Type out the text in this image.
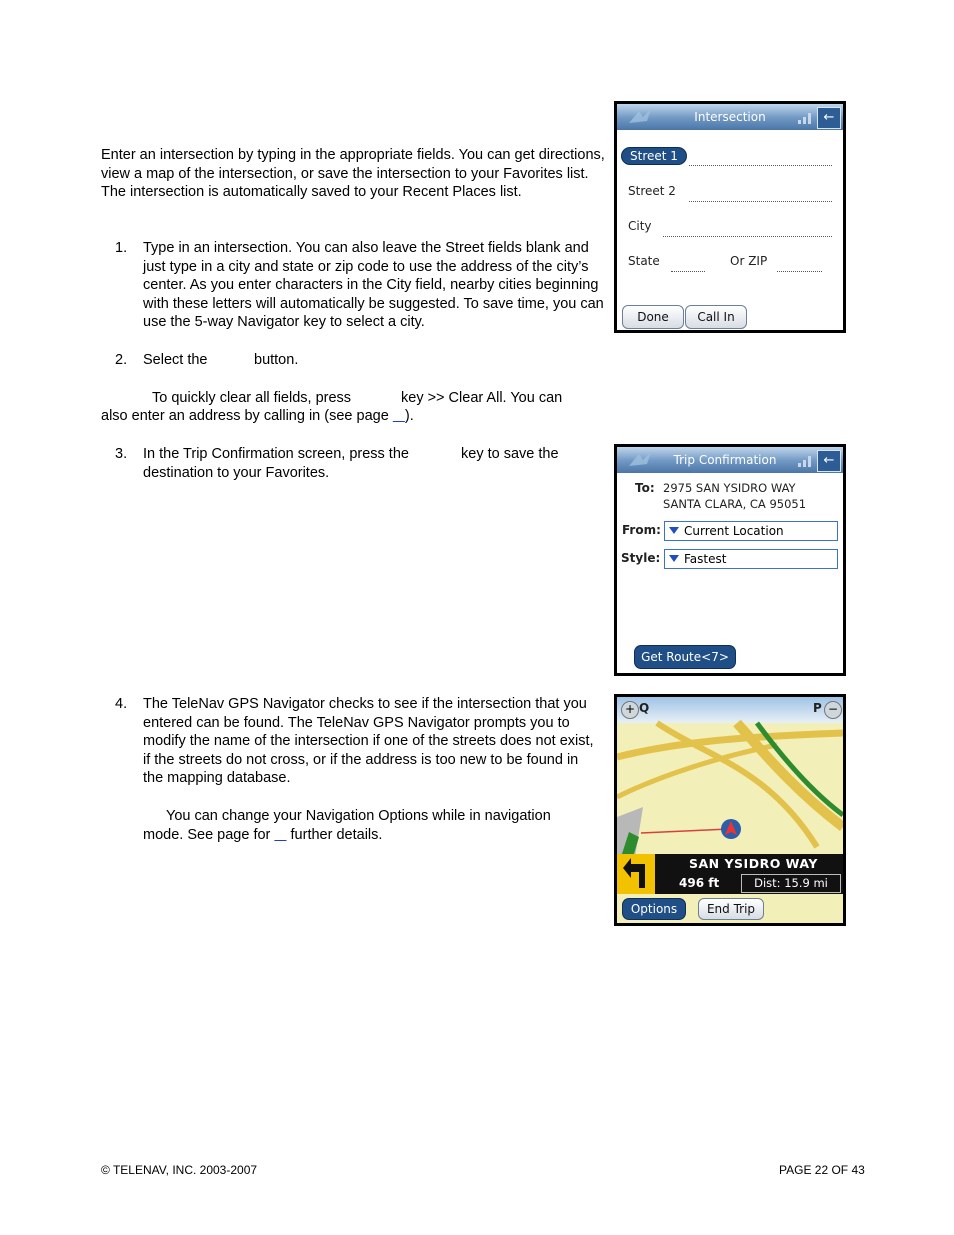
Enter an intersection by typing in the appropriate fields. You can get directions, view a map of the intersection, or save the intersection to your Favorites list. The intersection is automatically saved to your Recent Places list.

1. Type in an intersection. You can also leave the Street fields blank and just type in a city and state or zip code to use the address of the city’s center. As you enter characters in the City field, nearby cities beginning with these letters will automatically be suggested. To save time, you can use the 5-way Navigator key to select a city.

2. Select the	button.
To quickly clear all fields, press	key >> Clear All. You can
also enter an address by calling in (see page ).
3. In the Trip Confirmation screen, press the	key to save the
destination to your Favorites.
4. The TeleNav GPS Navigator checks to see if the intersection that you entered can be found. The TeleNav GPS Navigator prompts you to modify the name of the intersection if one of the streets does not exist, if the streets do not cross, or if the address is too new to be found in the mapping database.

You can change your Navigation Options while in navigation
mode. See page for further details.
© TELENAV, INC. 2003-2007	PAGE 22 OF 43
Intersection	←
Street 1
Street 2
City
State	Or ZIP
Done	Call In
Trip Confirmation	←
To: 2975 SAN YSIDRO WAY
SANTA CLARA, CA 95051
From:	Current Location
Style:	Fastest
Get Route<7>
+ Q	P −
SAN YSIDRO WAY
496 ft	Dist: 15.9 mi
Options	End Trip
